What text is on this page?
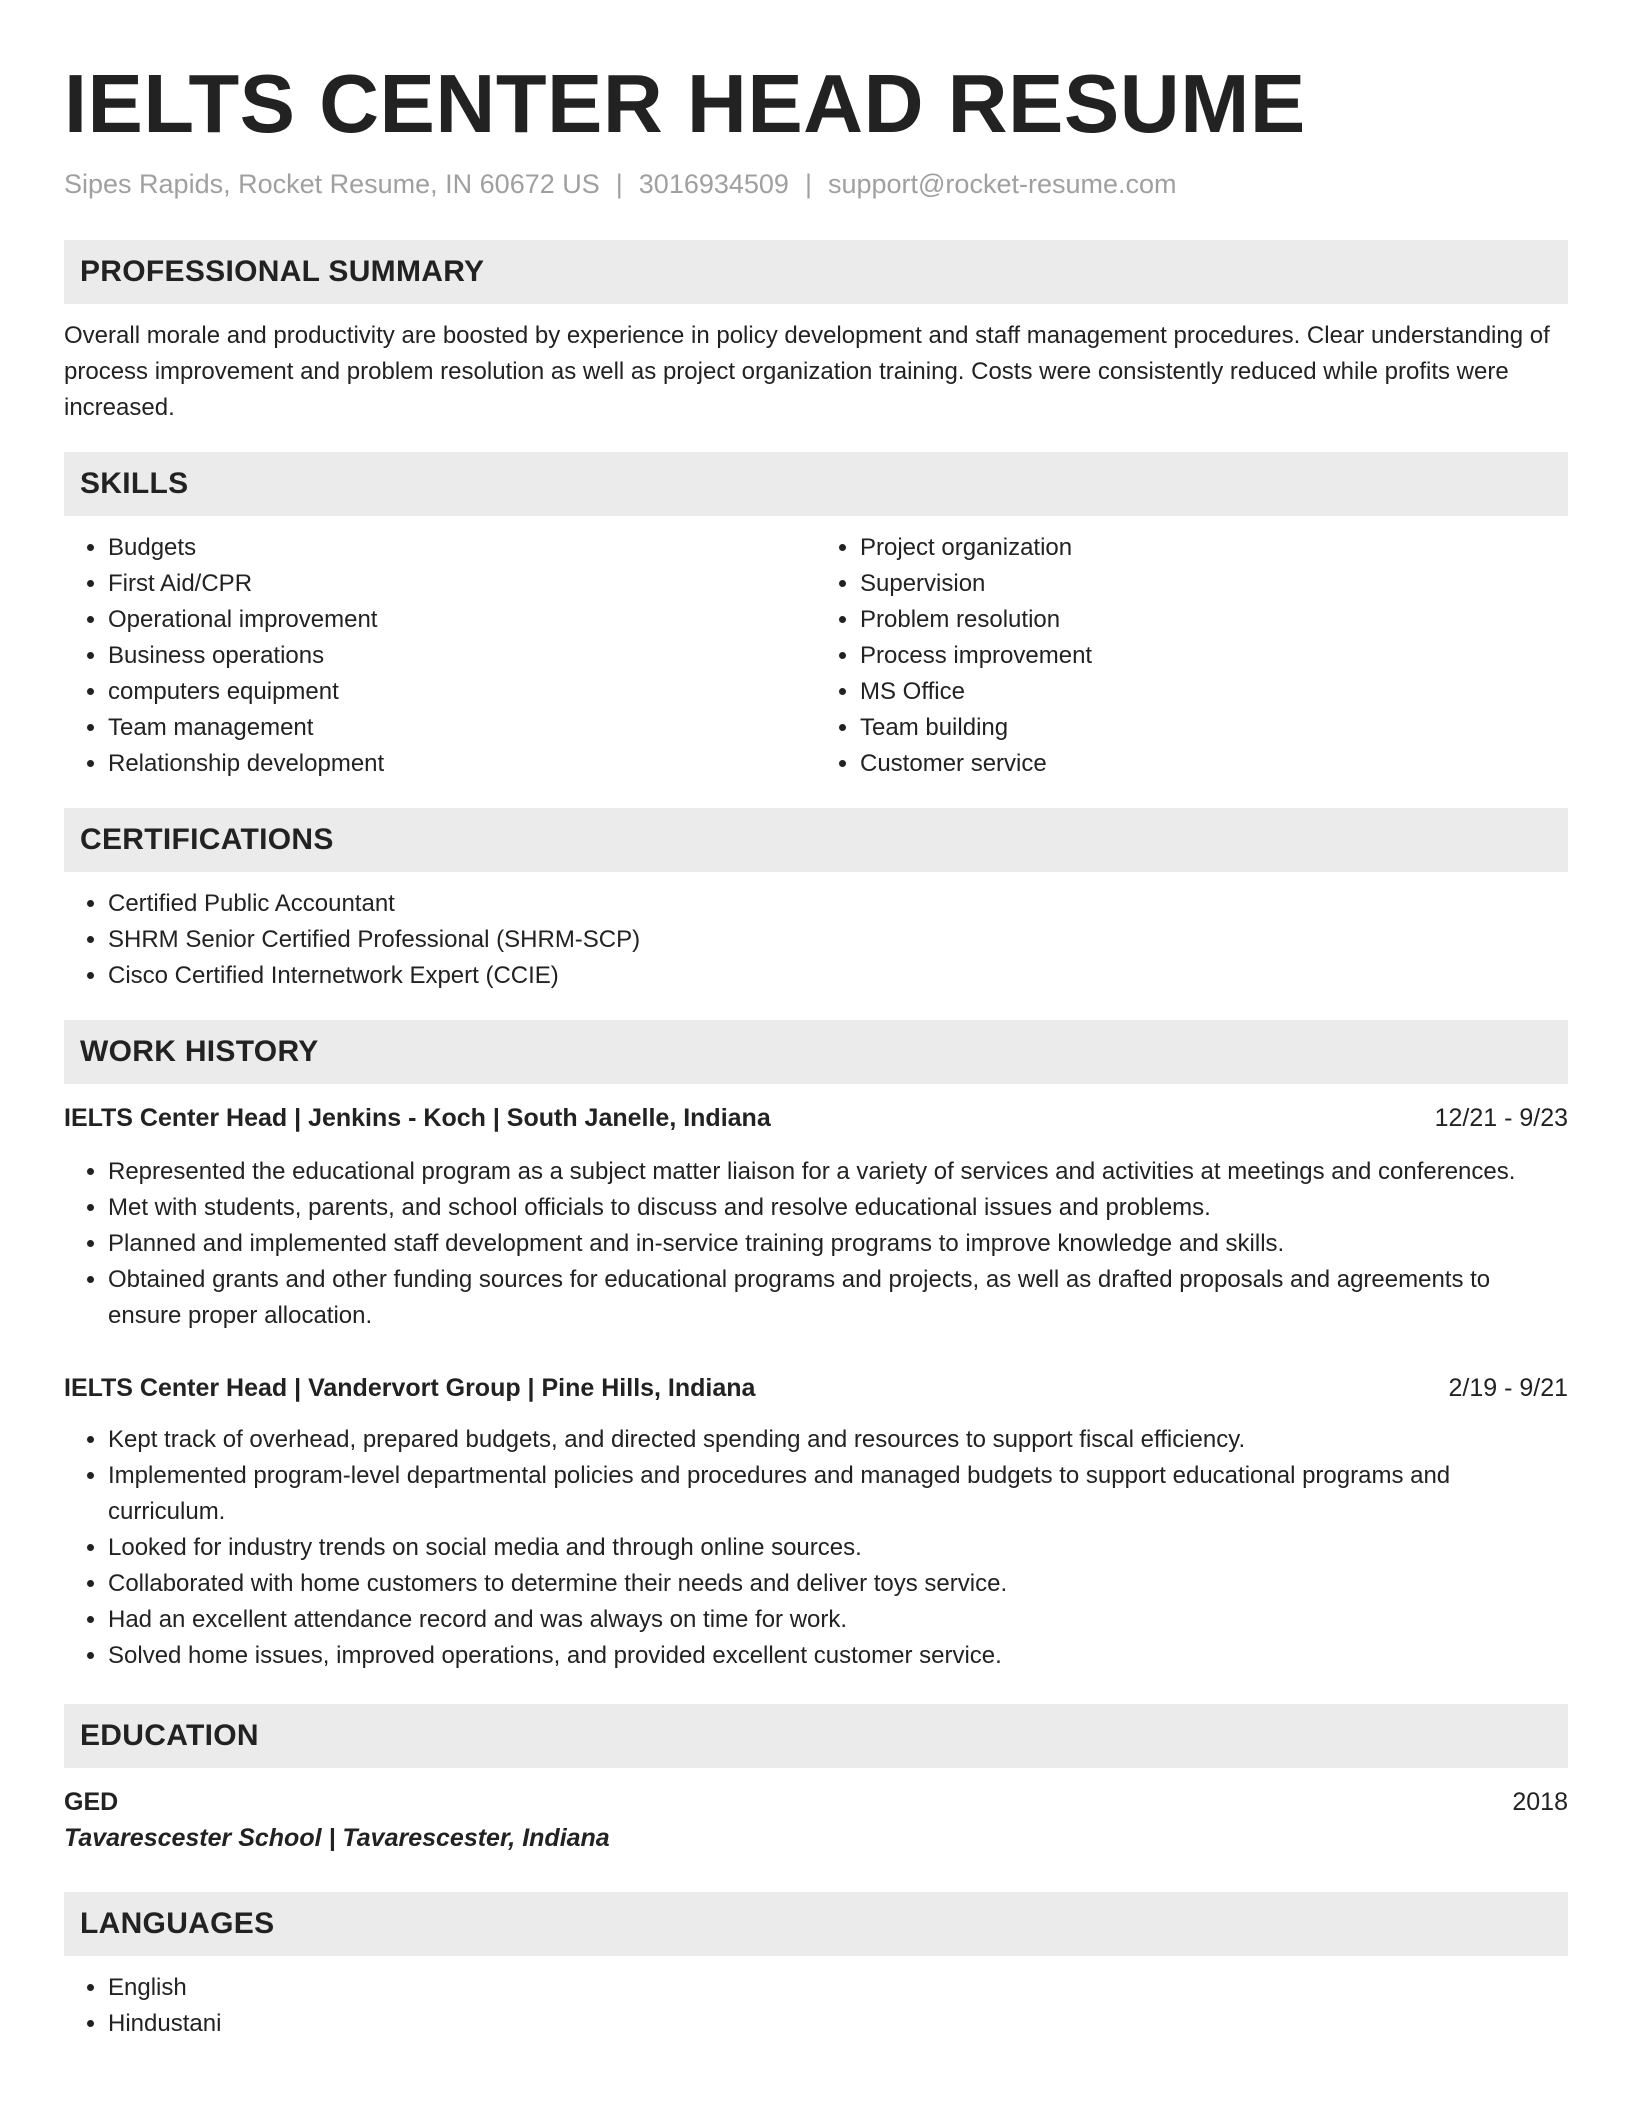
IELTS CENTER HEAD RESUME
Sipes Rapids, Rocket Resume, IN 60672 US | 3016934509 | support@rocket-resume.com
PROFESSIONAL SUMMARY
Overall morale and productivity are boosted by experience in policy development and staff management procedures. Clear understanding of process improvement and problem resolution as well as project organization training. Costs were consistently reduced while profits were increased.
SKILLS
• Budgets
• First Aid/CPR
• Operational improvement
• Business operations
• computers equipment
• Team management
• Relationship development
• Project organization
• Supervision
• Problem resolution
• Process improvement
• MS Office
• Team building
• Customer service
CERTIFICATIONS
• Certified Public Accountant
• SHRM Senior Certified Professional (SHRM-SCP)
• Cisco Certified Internetwork Expert (CCIE)
WORK HISTORY
IELTS Center Head | Jenkins - Koch | South Janelle, Indiana	12/21 - 9/23
• Represented the educational program as a subject matter liaison for a variety of services and activities at meetings and conferences.
• Met with students, parents, and school officials to discuss and resolve educational issues and problems.
• Planned and implemented staff development and in-service training programs to improve knowledge and skills.
• Obtained grants and other funding sources for educational programs and projects, as well as drafted proposals and agreements to ensure proper allocation.
IELTS Center Head | Vandervort Group | Pine Hills, Indiana	2/19 - 9/21
• Kept track of overhead, prepared budgets, and directed spending and resources to support fiscal efficiency.
• Implemented program-level departmental policies and procedures and managed budgets to support educational programs and curriculum.
• Looked for industry trends on social media and through online sources.
• Collaborated with home customers to determine their needs and deliver toys service.
• Had an excellent attendance record and was always on time for work.
• Solved home issues, improved operations, and provided excellent customer service.
EDUCATION
GED	2018
Tavarescester School | Tavarescester, Indiana
LANGUAGES
• English
• Hindustani
